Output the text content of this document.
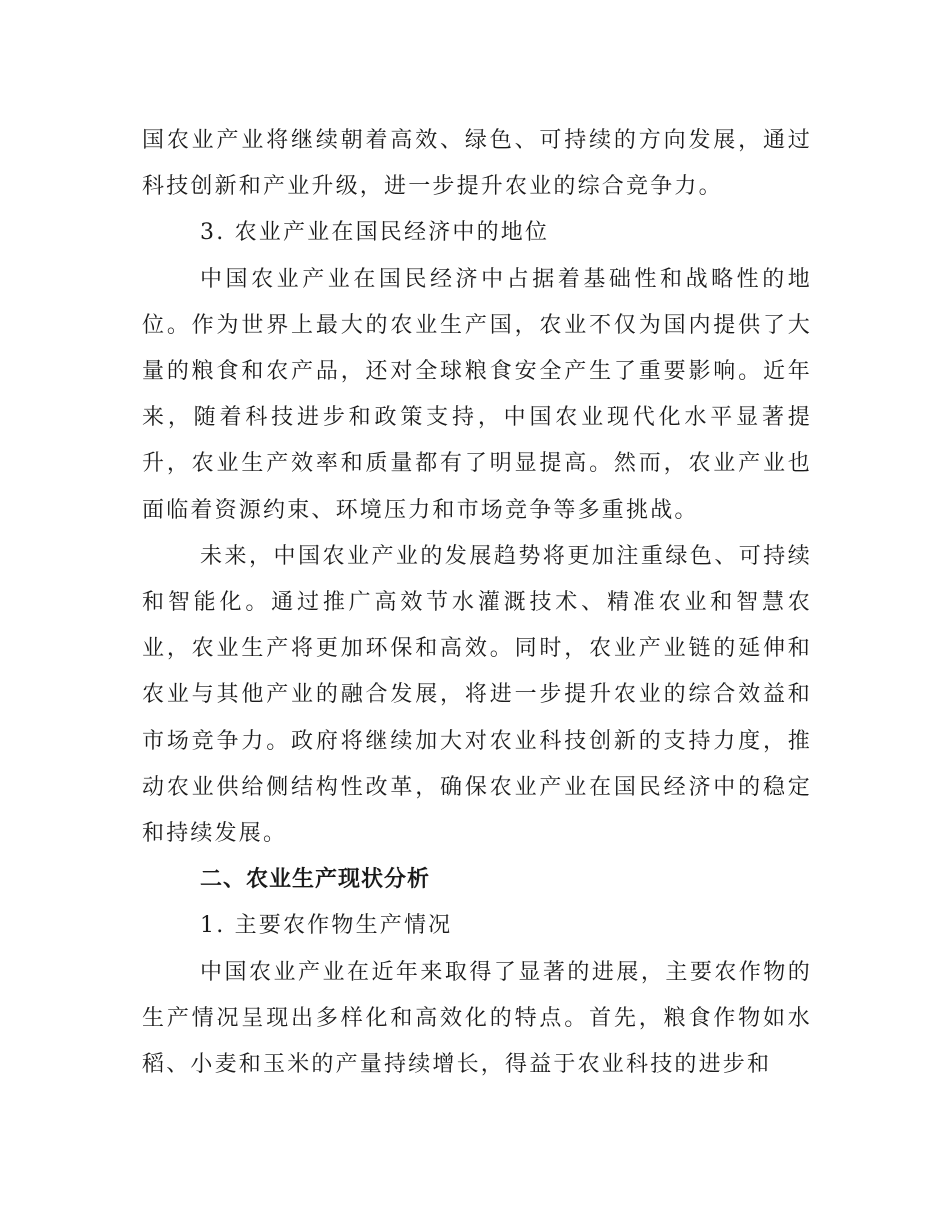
国农业产业将继续朝着高效、绿色、可持续的方向发展，通过科技创新和产业升级，进一步提升农业的综合竞争力。

3. 农业产业在国民经济中的地位

中国农业产业在国民经济中占据着基础性和战略性的地位。作为世界上最大的农业生产国，农业不仅为国内提供了大量的粮食和农产品，还对全球粮食安全产生了重要影响。近年来，随着科技进步和政策支持，中国农业现代化水平显著提升，农业生产效率和质量都有了明显提高。然而，农业产业也面临着资源约束、环境压力和市场竞争等多重挑战。

未来，中国农业产业的发展趋势将更加注重绿色、可持续和智能化。通过推广高效节水灌溉技术、精准农业和智慧农业，农业生产将更加环保和高效。同时，农业产业链的延伸和农业与其他产业的融合发展，将进一步提升农业的综合效益和市场竞争力。政府将继续加大对农业科技创新的支持力度，推动农业供给侧结构性改革，确保农业产业在国民经济中的稳定和持续发展。

二、农业生产现状分析

1. 主要农作物生产情况

中国农业产业在近年来取得了显著的进展，主要农作物的生产情况呈现出多样化和高效化的特点。首先，粮食作物如水稻、小麦和玉米的产量持续增长，得益于农业科技的进步和
